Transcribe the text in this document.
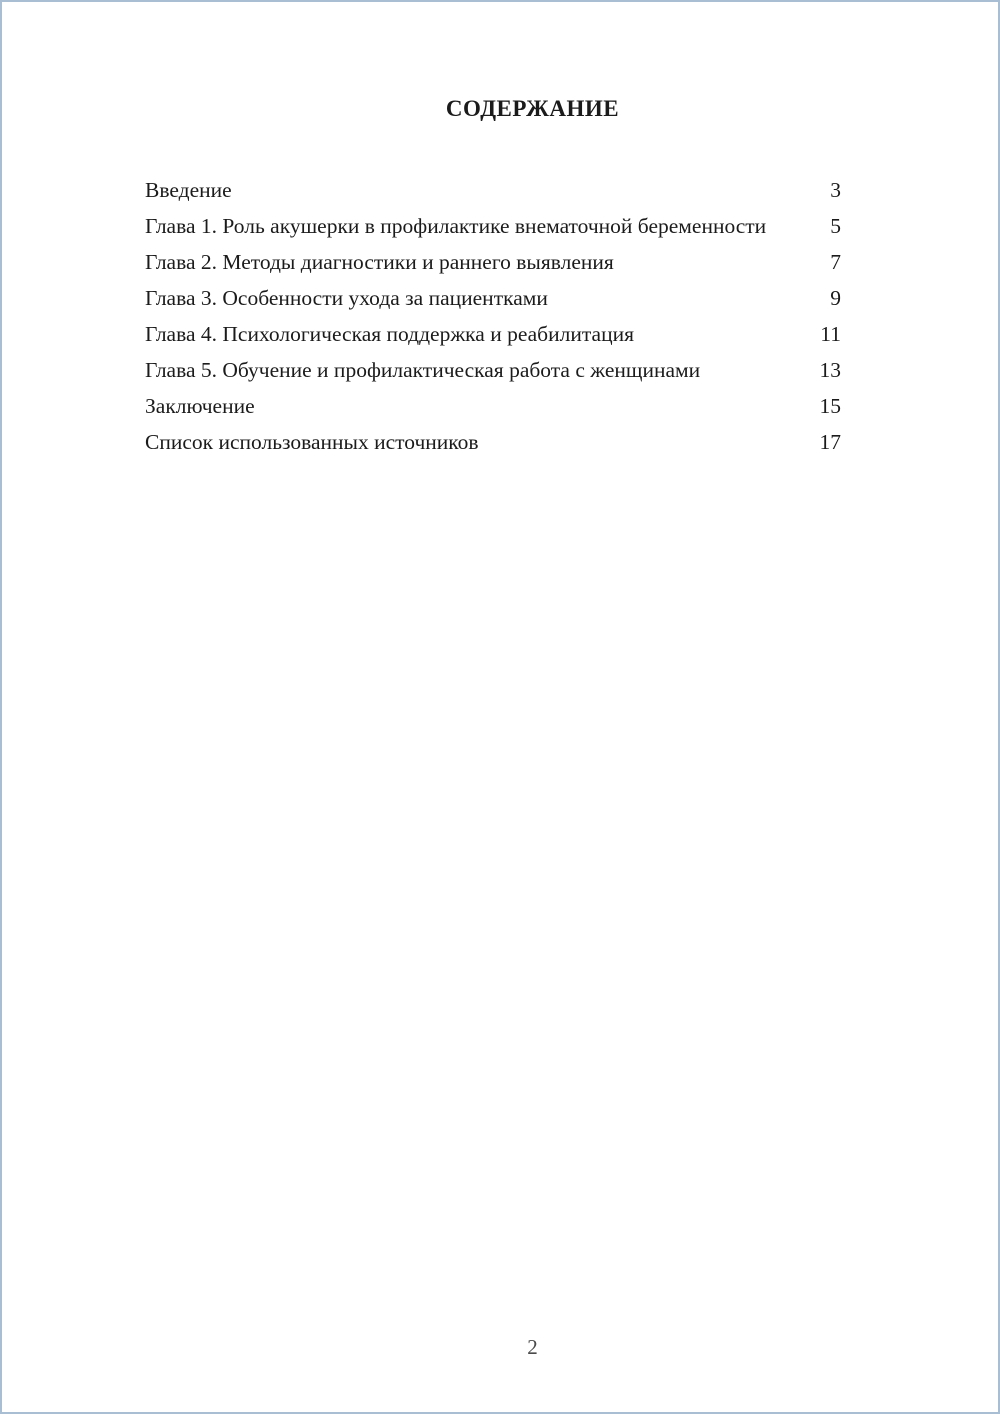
СОДЕРЖАНИЕ
Введение	3
Глава 1. Роль акушерки в профилактике внематочной беременности	5
Глава 2. Методы диагностики и раннего выявления	7
Глава 3. Особенности ухода за пациентками	9
Глава 4. Психологическая поддержка и реабилитация	11
Глава 5. Обучение и профилактическая работа с женщинами	13
Заключение	15
Список использованных источников	17
2
